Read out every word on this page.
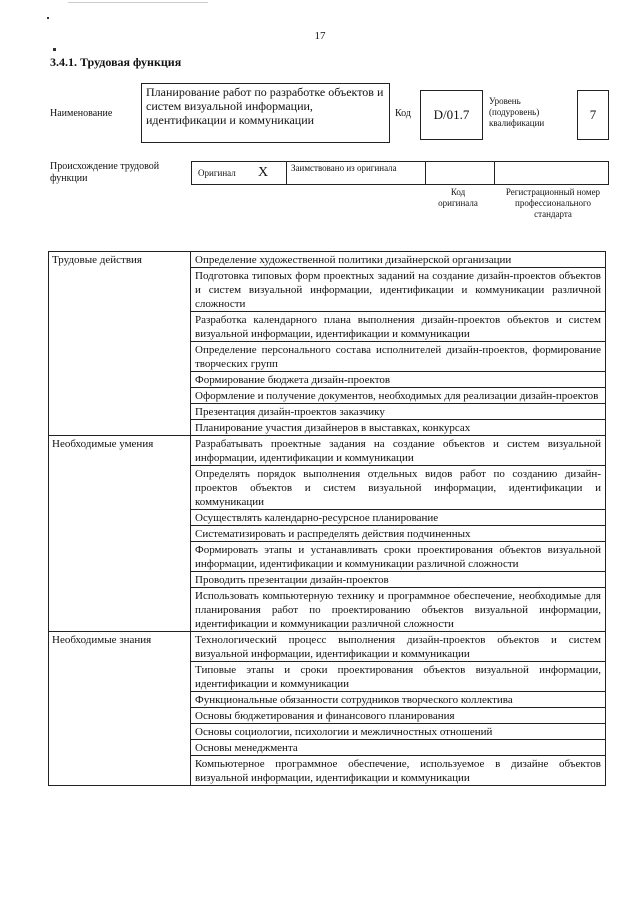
17
3.4.1. Трудовая функция
Наименование
Планирование работ по разработке объектов и систем визуальной информации, идентификации и коммуникации	Код D/01.7
Уровень (подуровень) квалификации
7
Происхождение трудовой функции	Оригинал X	Заимствовано из оригинала
Код оригинала
Регистрационный номер профессионального стандарта
Трудовые действия	Определение художественной политики дизайнерской организации
	Подготовка типовых форм проектных заданий на создание дизайн-проектов объектов и систем визуальной информации, идентификации и коммуникации различной сложности
	Разработка календарного плана выполнения дизайн-проектов объектов и систем визуальной информации, идентификации и коммуникации
	Определение персонального состава исполнителей дизайн-проектов, формирование творческих групп
	Формирование бюджета дизайн-проектов
	Оформление и получение документов, необходимых для реализации дизайн-проектов
	Презентация дизайн-проектов заказчику
	Планирование участия дизайнеров в выставках, конкурсах
Необходимые умения	Разрабатывать проектные задания на создание объектов и систем визуальной информации, идентификации и коммуникации
	Определять порядок выполнения отдельных видов работ по созданию дизайн-проектов объектов и систем визуальной информации, идентификации и коммуникации
	Осуществлять календарно-ресурсное планирование
	Систематизировать и распределять действия подчиненных
	Формировать этапы и устанавливать сроки проектирования объектов визуальной информации, идентификации и коммуникации различной сложности
	Проводить презентации дизайн-проектов
	Использовать компьютерную технику и программное обеспечение, необходимые для планирования работ по проектированию объектов визуальной информации, идентификации и коммуникации различной сложности
Необходимые знания	Технологический процесс выполнения дизайн-проектов объектов и систем визуальной информации, идентификации и коммуникации
	Типовые этапы и сроки проектирования объектов визуальной информации, идентификации и коммуникации
	Функциональные обязанности сотрудников творческого коллектива
	Основы бюджетирования и финансового планирования
	Основы социологии, психологии и межличностных отношений
	Основы менеджмента
	Компьютерное программное обеспечение, используемое в дизайне объектов визуальной информации, идентификации и коммуникации
